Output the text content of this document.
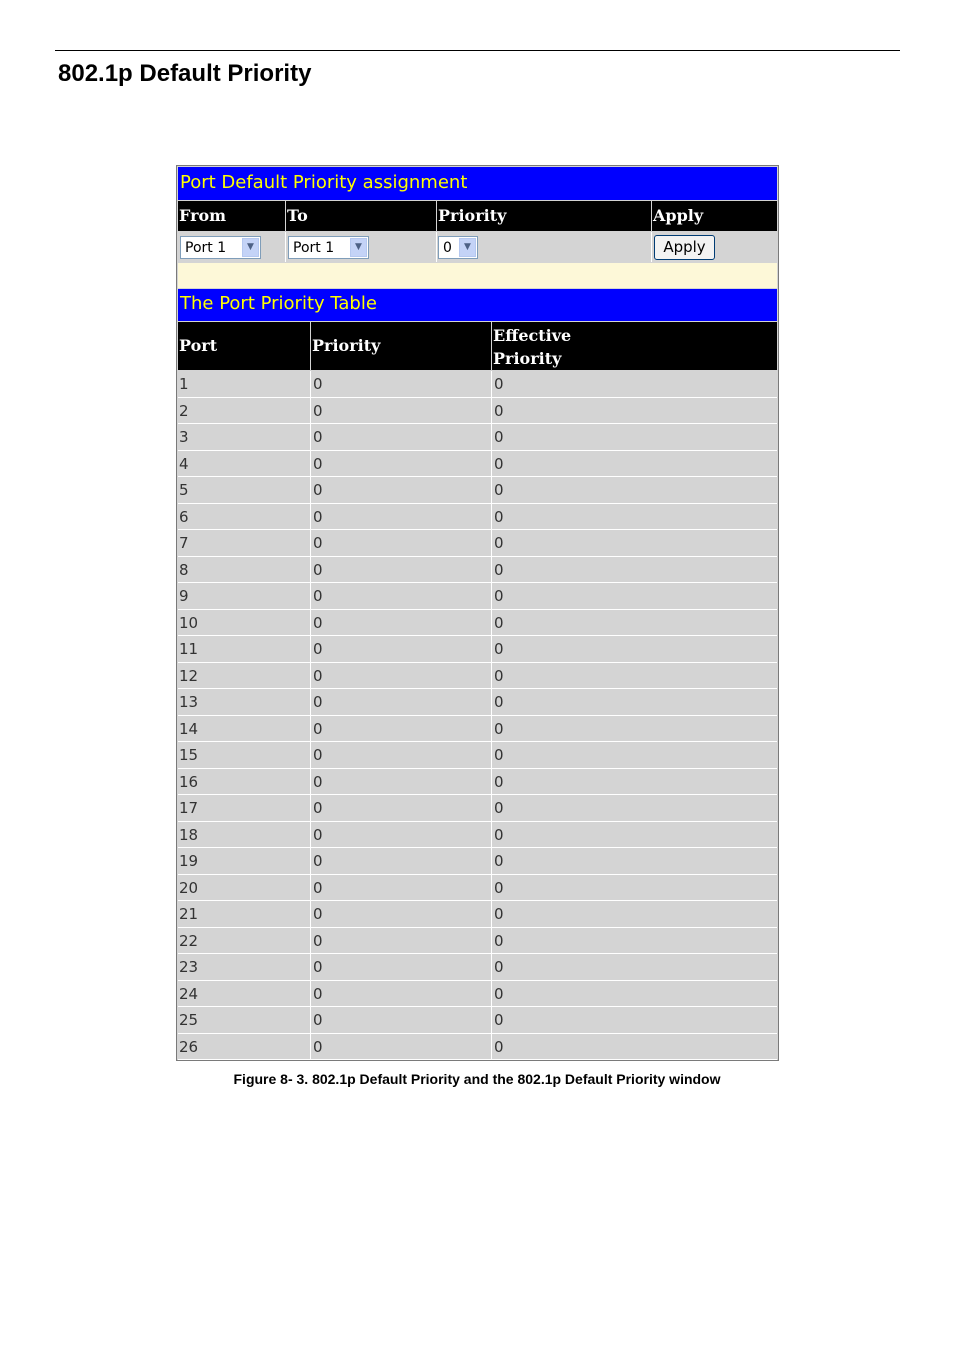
802.1p Default Priority
Port Default Priority assignment
From	To	Priority	Apply
Port 1	▼	Port 1	▼	0	▼	Apply
The Port Priority Table
Port	Priority
Effective
Priority
1	0	0
2	0	0
3	0	0
4	0	0
5	0	0
6	0	0
7	0	0
8	0	0
9	0	0
10	0	0
11	0	0
12	0	0
13	0	0
14	0	0
15	0	0
16	0	0
17	0	0
18	0	0
19	0	0
20	0	0
21	0	0
22	0	0
23	0	0
24	0	0
25	0	0
26	0	0
Figure 8- 3. 802.1p Default Priority and the 802.1p Default Priority window
